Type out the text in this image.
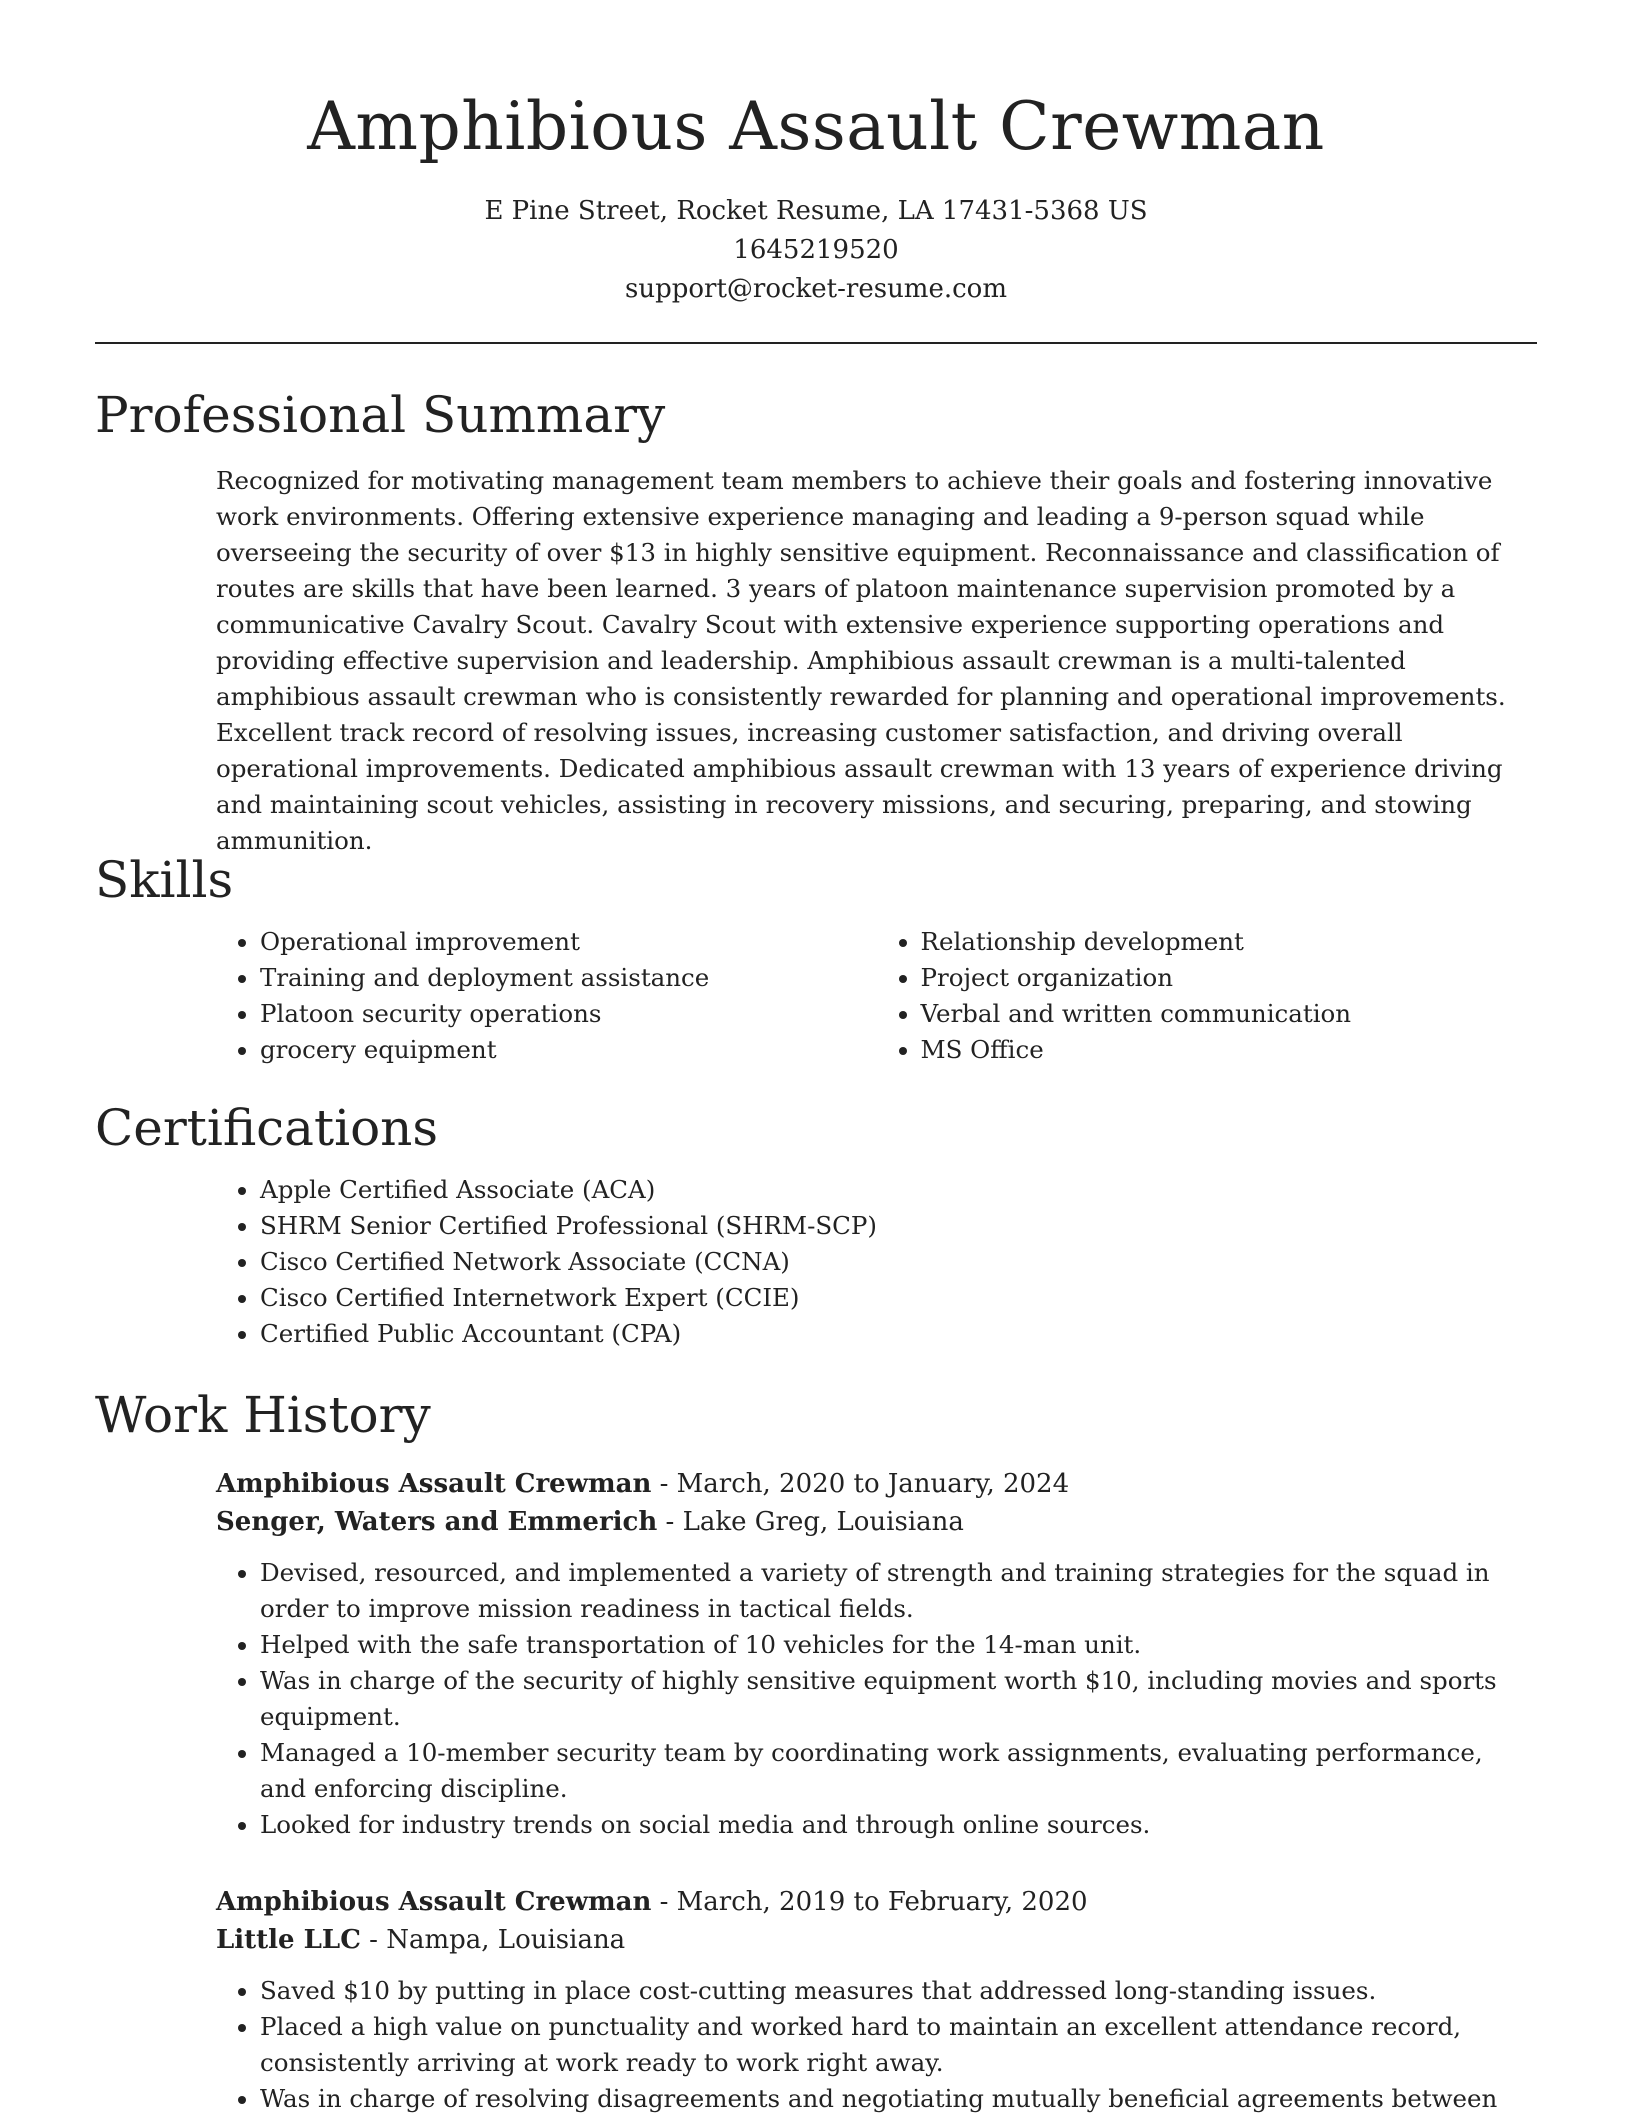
Amphibious Assault Crewman
E Pine Street, Rocket Resume, LA 17431-5368 US
1645219520
support@rocket-resume.com
Professional Summary

Recognized for motivating management team members to achieve their goals and fostering innovative work environments. Offering extensive experience managing and leading a 9-person squad while overseeing the security of over $13 in highly sensitive equipment. Reconnaissance and classification of routes are skills that have been learned. 3 years of platoon maintenance supervision promoted by a communicative Cavalry Scout. Cavalry Scout with extensive experience supporting operations and providing effective supervision and leadership. Amphibious assault crewman is a multi-talented amphibious assault crewman who is consistently rewarded for planning and operational improvements. Excellent track record of resolving issues, increasing customer satisfaction, and driving overall operational improvements. Dedicated amphibious assault crewman with 13 years of experience driving and maintaining scout vehicles, assisting in recovery missions, and securing, preparing, and stowing ammunition.

Skills
• Operational improvement
• Training and deployment assistance
• Platoon security operations
• grocery equipment
• Relationship development
• Project organization
• Verbal and written communication
• MS Office
Certifications
• Apple Certified Associate (ACA)
• SHRM Senior Certified Professional (SHRM-SCP)
• Cisco Certified Network Associate (CCNA)
• Cisco Certified Internetwork Expert (CCIE)
• Certified Public Accountant (CPA)
Work History
Amphibious Assault Crewman - March, 2020 to January, 2024
Senger, Waters and Emmerich - Lake Greg, Louisiana
• Devised, resourced, and implemented a variety of strength and training strategies for the squad in order to improve mission readiness in tactical fields.
• Helped with the safe transportation of 10 vehicles for the 14-man unit.
• Was in charge of the security of highly sensitive equipment worth $10, including movies and sports equipment.
• Managed a 10-member security team by coordinating work assignments, evaluating performance, and enforcing discipline.
• Looked for industry trends on social media and through online sources.
Amphibious Assault Crewman - March, 2019 to February, 2020
Little LLC - Nampa, Louisiana
• Saved $10 by putting in place cost-cutting measures that addressed long-standing issues.
• Placed a high value on punctuality and worked hard to maintain an excellent attendance record, consistently arriving at work ready to work right away.
• Was in charge of resolving disagreements and negotiating mutually beneficial agreements between
